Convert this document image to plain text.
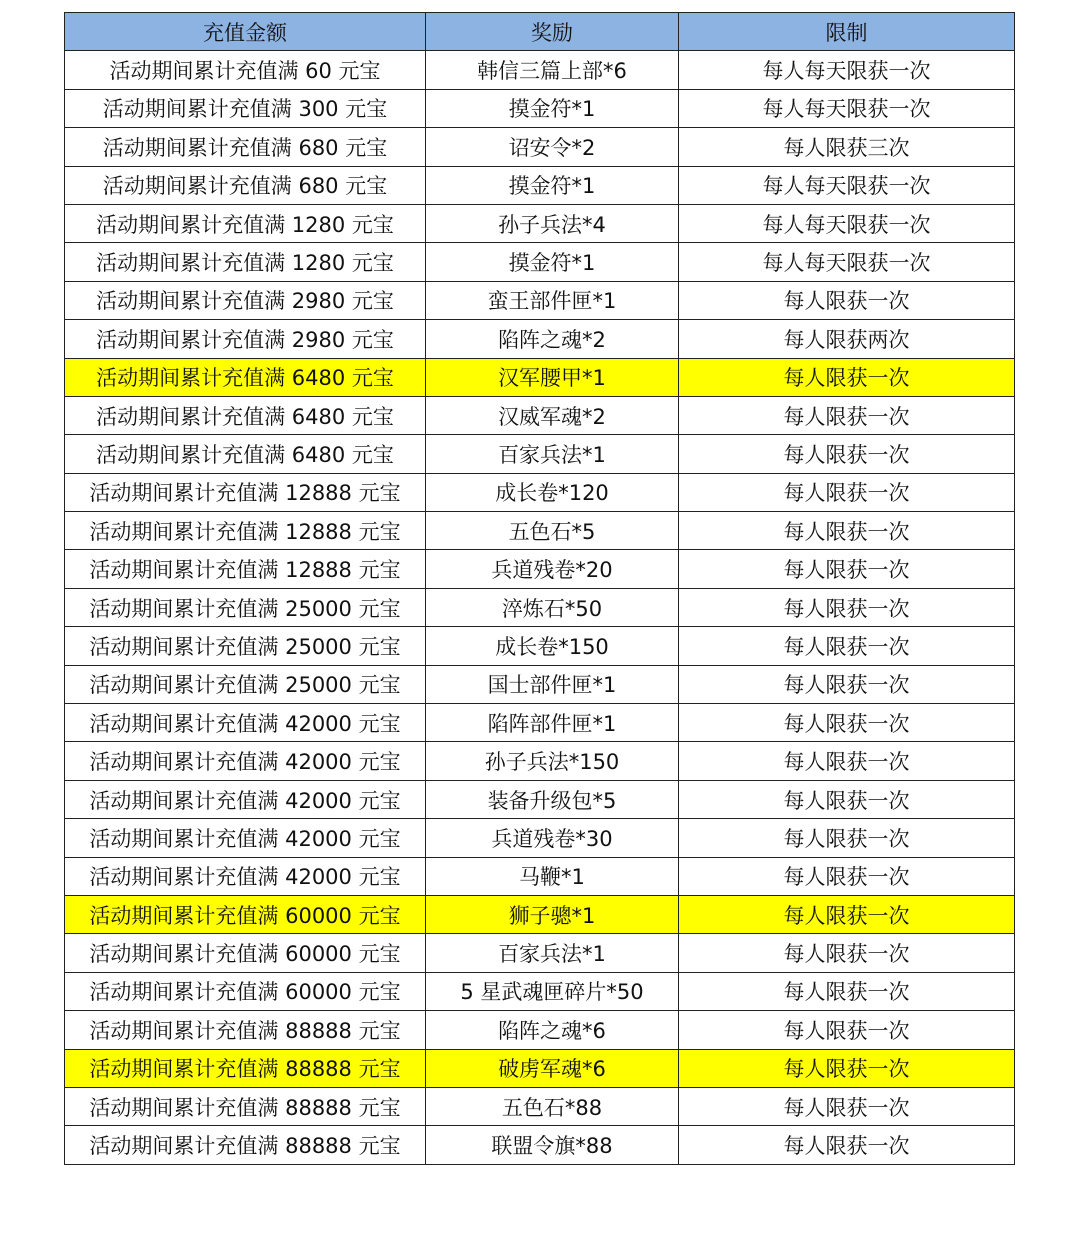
充值金额	奖励	限制
活动期间累计充值满 60 元宝	韩信三篇上部*6	每人每天限获一次
活动期间累计充值满 300 元宝	摸金符*1	每人每天限获一次
活动期间累计充值满 680 元宝	诏安令*2	每人限获三次
活动期间累计充值满 680 元宝	摸金符*1	每人每天限获一次
活动期间累计充值满 1280 元宝	孙子兵法*4	每人每天限获一次
活动期间累计充值满 1280 元宝	摸金符*1	每人每天限获一次
活动期间累计充值满 2980 元宝	蛮王部件匣*1	每人限获一次
活动期间累计充值满 2980 元宝	陷阵之魂*2	每人限获两次
活动期间累计充值满 6480 元宝	汉军腰甲*1	每人限获一次
活动期间累计充值满 6480 元宝	汉威军魂*2	每人限获一次
活动期间累计充值满 6480 元宝	百家兵法*1	每人限获一次
活动期间累计充值满 12888 元宝	成长卷*120	每人限获一次
活动期间累计充值满 12888 元宝	五色石*5	每人限获一次
活动期间累计充值满 12888 元宝	兵道残卷*20	每人限获一次
活动期间累计充值满 25000 元宝	淬炼石*50	每人限获一次
活动期间累计充值满 25000 元宝	成长卷*150	每人限获一次
活动期间累计充值满 25000 元宝	国士部件匣*1	每人限获一次
活动期间累计充值满 42000 元宝	陷阵部件匣*1	每人限获一次
活动期间累计充值满 42000 元宝	孙子兵法*150	每人限获一次
活动期间累计充值满 42000 元宝	装备升级包*5	每人限获一次
活动期间累计充值满 42000 元宝	兵道残卷*30	每人限获一次
活动期间累计充值满 42000 元宝	马鞭*1	每人限获一次
活动期间累计充值满 60000 元宝	狮子骢*1	每人限获一次
活动期间累计充值满 60000 元宝	百家兵法*1	每人限获一次
活动期间累计充值满 60000 元宝	5 星武魂匣碎片*50	每人限获一次
活动期间累计充值满 88888 元宝	陷阵之魂*6	每人限获一次
活动期间累计充值满 88888 元宝	破虏军魂*6	每人限获一次
活动期间累计充值满 88888 元宝	五色石*88	每人限获一次
活动期间累计充值满 88888 元宝	联盟令旗*88	每人限获一次
